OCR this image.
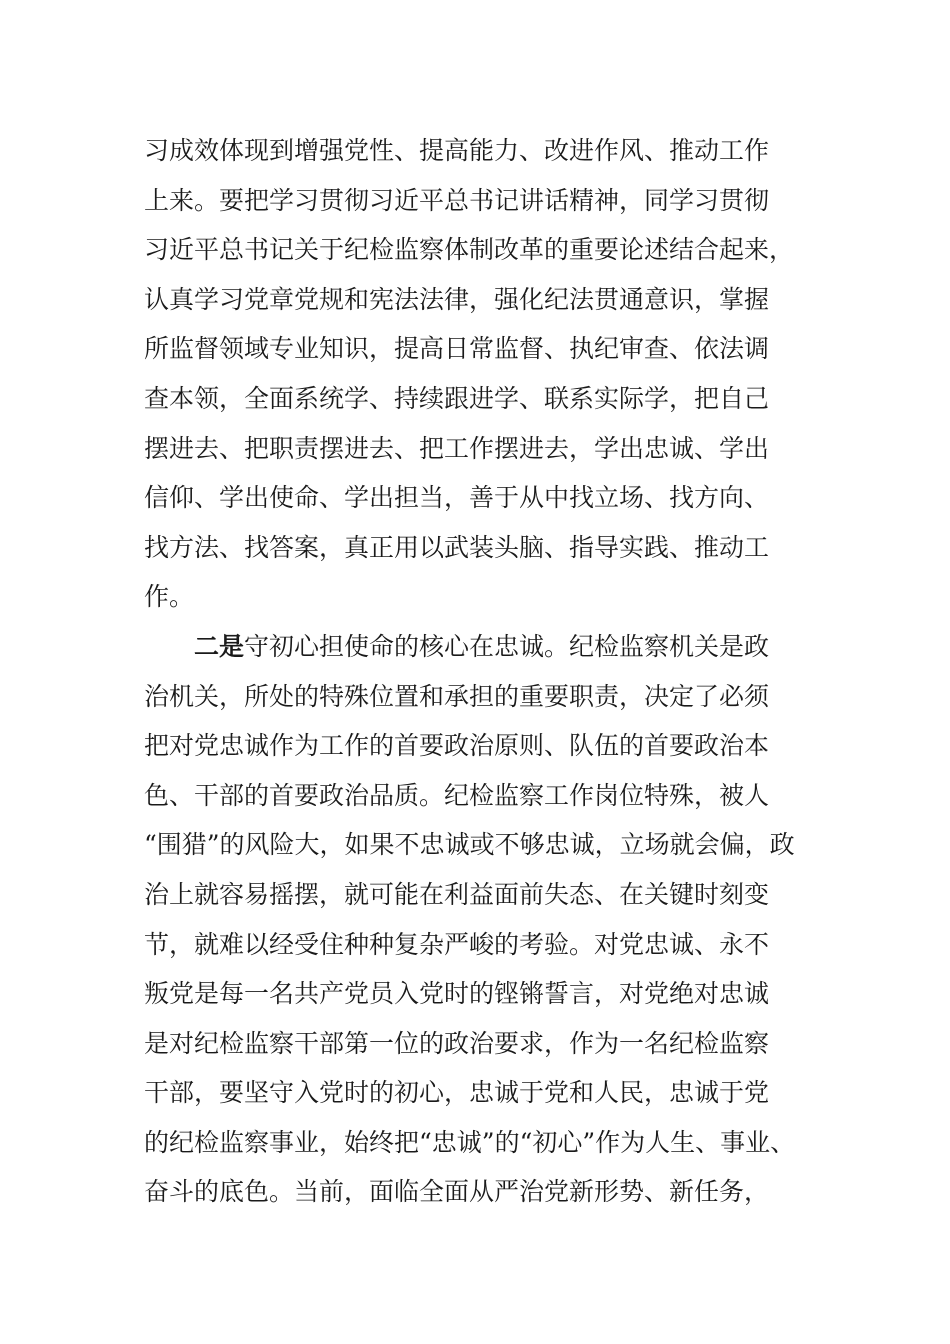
习成效体现到增强党性、提高能力、改进作风、推动工作
上来。要把学习贯彻习近平总书记讲话精神，同学习贯彻
习近平总书记关于纪检监察体制改革的重要论述结合起来，
认真学习党章党规和宪法法律，强化纪法贯通意识，掌握
所监督领域专业知识，提高日常监督、执纪审查、依法调
查本领，全面系统学、持续跟进学、联系实际学，把自己
摆进去、把职责摆进去、把工作摆进去，学出忠诚、学出
信仰、学出使命、学出担当，善于从中找立场、找方向、
找方法、找答案，真正用以武装头脑、指导实践、推动工
作。
二是守初心担使命的核心在忠诚。纪检监察机关是政
治机关，所处的特殊位置和承担的重要职责，决定了必须
把对党忠诚作为工作的首要政治原则、队伍的首要政治本
色、干部的首要政治品质。纪检监察工作岗位特殊，被人
“围猎”的风险大，如果不忠诚或不够忠诚，立场就会偏，政
治上就容易摇摆，就可能在利益面前失态、在关键时刻变
节，就难以经受住种种复杂严峻的考验。对党忠诚、永不
叛党是每一名共产党员入党时的铿锵誓言，对党绝对忠诚
是对纪检监察干部第一位的政治要求，作为一名纪检监察
干部，要坚守入党时的初心，忠诚于党和人民，忠诚于党
的纪检监察事业，始终把“忠诚”的“初心”作为人生、事业、
奋斗的底色。当前，面临全面从严治党新形势、新任务，
